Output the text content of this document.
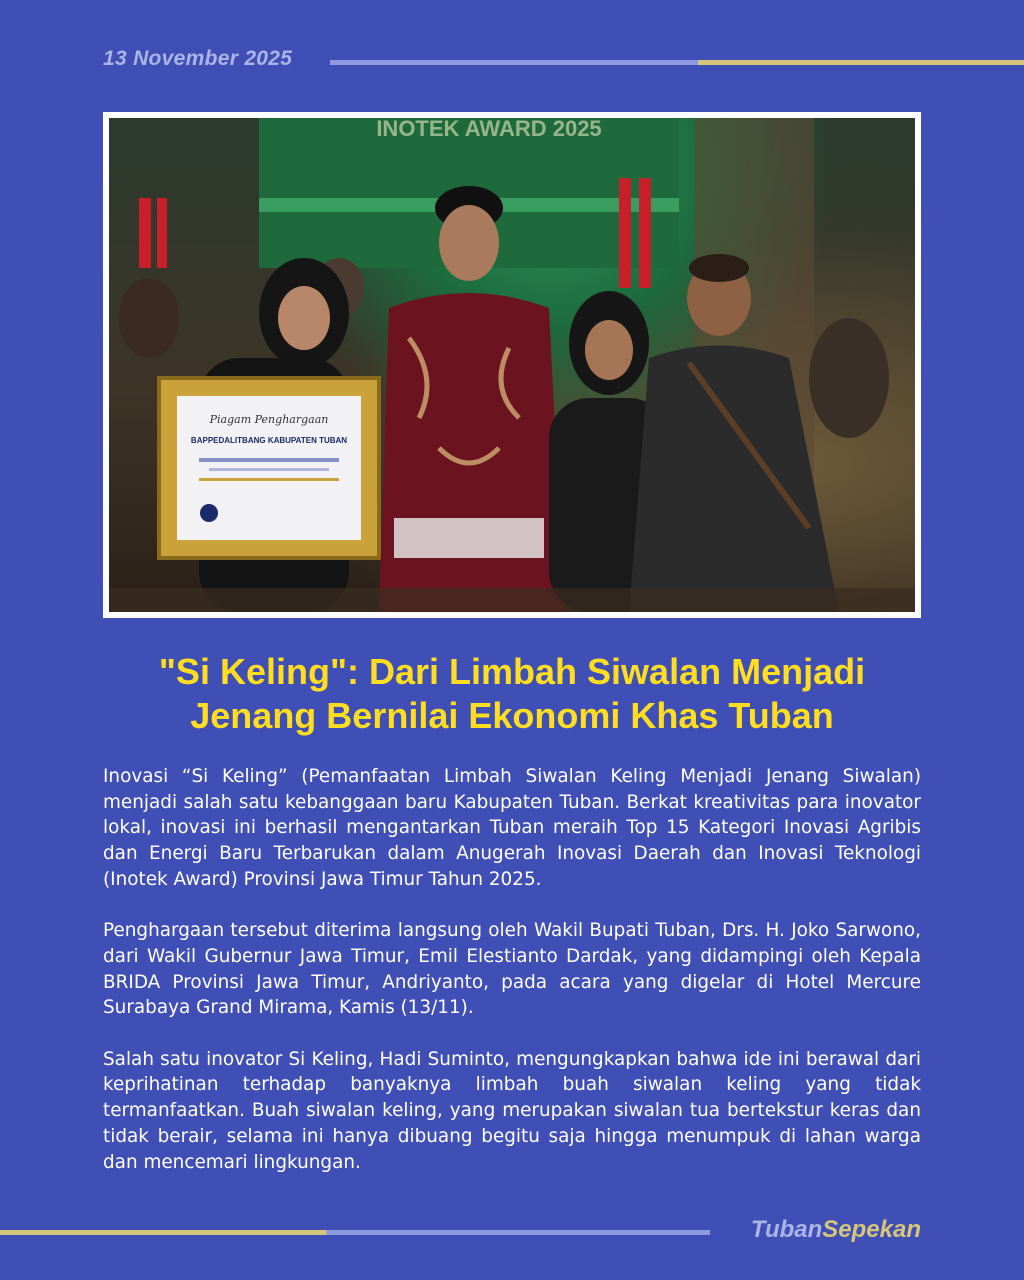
13 November 2025
INOTEK AWARD 2025
Piagam Penghargaan
BAPPEDALITBANG KABUPATEN TUBAN
"Si Keling": Dari Limbah Siwalan Menjadi
Jenang Bernilai Ekonomi Khas Tuban

Inovasi “Si Keling” (Pemanfaatan Limbah Siwalan Keling Menjadi Jenang Siwalan) menjadi salah satu kebanggaan baru Kabupaten Tuban. Berkat kreativitas para inovator lokal, inovasi ini berhasil mengantarkan Tuban meraih Top 15 Kategori Inovasi Agribis dan Energi Baru Terbarukan dalam Anugerah Inovasi Daerah dan Inovasi Teknologi (Inotek Award) Provinsi Jawa Timur Tahun 2025.

Penghargaan tersebut diterima langsung oleh Wakil Bupati Tuban, Drs. H. Joko Sarwono, dari Wakil Gubernur Jawa Timur, Emil Elestianto Dardak, yang didampingi oleh Kepala BRIDA Provinsi Jawa Timur, Andriyanto, pada acara yang digelar di Hotel Mercure Surabaya Grand Mirama, Kamis (13/11).

Salah satu inovator Si Keling, Hadi Suminto, mengungkapkan bahwa ide ini berawal dari keprihatinan terhadap banyaknya limbah buah siwalan keling yang tidak termanfaatkan. Buah siwalan keling, yang merupakan siwalan tua bertekstur keras dan tidak berair, selama ini hanya dibuang begitu saja hingga menumpuk di lahan warga dan mencemari lingkungan.

TubanSepekan
